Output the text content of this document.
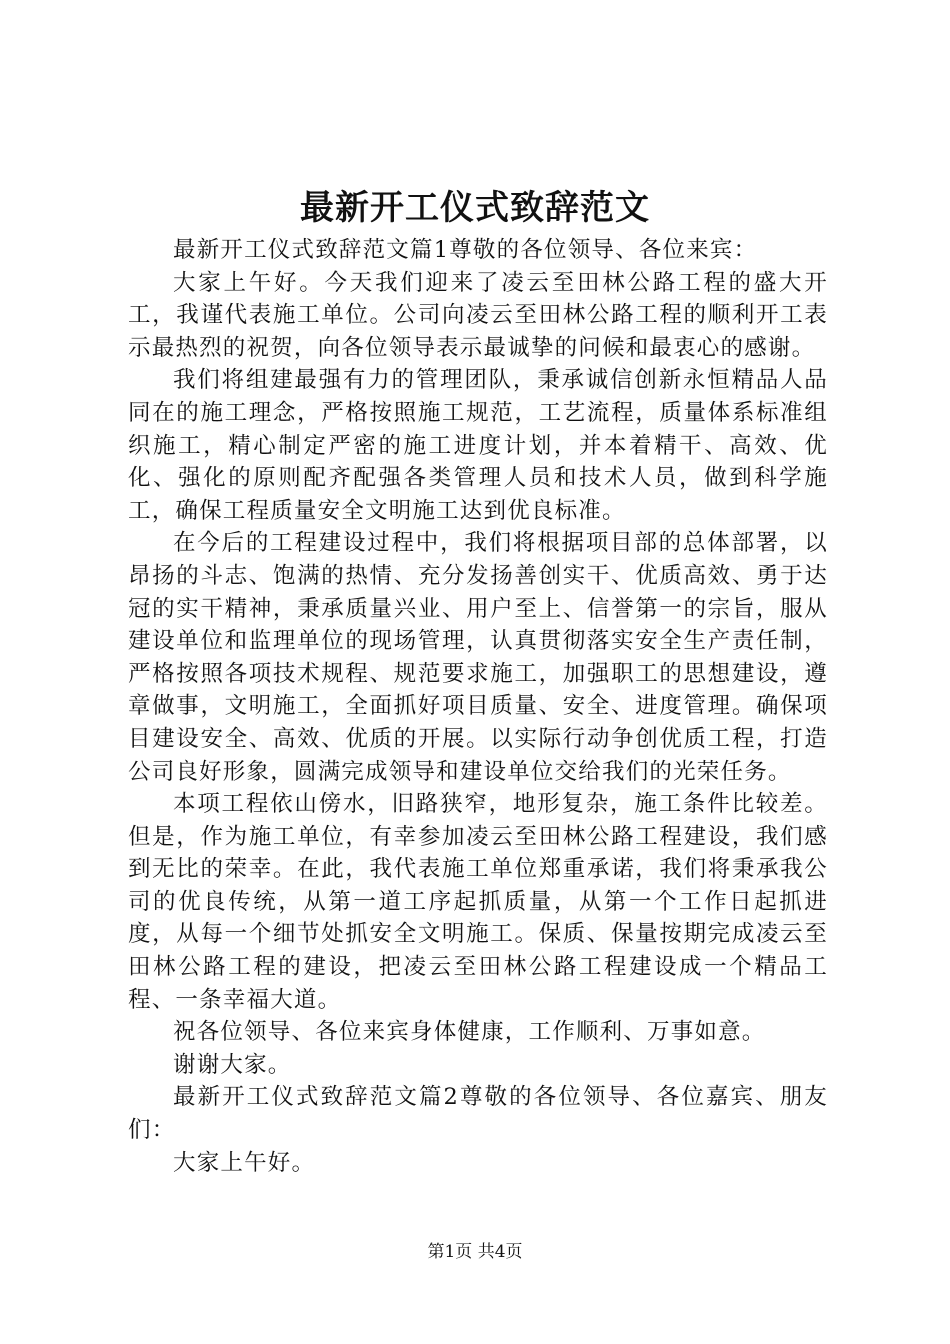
最新开工仪式致辞范文

最新开工仪式致辞范文篇1尊敬的各位领导、各位来宾：

大家上午好。今天我们迎来了凌云至田林公路工程的盛大开工，我谨代表施工单位。公司向凌云至田林公路工程的顺利开工表示最热烈的祝贺，向各位领导表示最诚挚的问候和最衷心的感谢。

我们将组建最强有力的管理团队，秉承诚信创新永恒精品人品同在的施工理念，严格按照施工规范，工艺流程，质量体系标准组织施工，精心制定严密的施工进度计划，并本着精干、高效、优化、强化的原则配齐配强各类管理人员和技术人员，做到科学施工，确保工程质量安全文明施工达到优良标准。

在今后的工程建设过程中，我们将根据项目部的总体部署，以昂扬的斗志、饱满的热情、充分发扬善创实干、优质高效、勇于达冠的实干精神，秉承质量兴业、用户至上、信誉第一的宗旨，服从建设单位和监理单位的现场管理，认真贯彻落实安全生产责任制，严格按照各项技术规程、规范要求施工，加强职工的思想建设，遵章做事，文明施工，全面抓好项目质量、安全、进度管理。确保项目建设安全、高效、优质的开展。以实际行动争创优质工程，打造公司良好形象，圆满完成领导和建设单位交给我们的光荣任务。

本项工程依山傍水，旧路狭窄，地形复杂，施工条件比较差。但是，作为施工单位，有幸参加凌云至田林公路工程建设，我们感到无比的荣幸。在此，我代表施工单位郑重承诺，我们将秉承我公司的优良传统，从第一道工序起抓质量，从第一个工作日起抓进度，从每一个细节处抓安全文明施工。保质、保量按期完成凌云至田林公路工程的建设，把凌云至田林公路工程建设成一个精品工程、一条幸福大道。

祝各位领导、各位来宾身体健康，工作顺利、万事如意。

谢谢大家。

最新开工仪式致辞范文篇2尊敬的各位领导、各位嘉宾、朋友们：

大家上午好。

第1页 共4页
